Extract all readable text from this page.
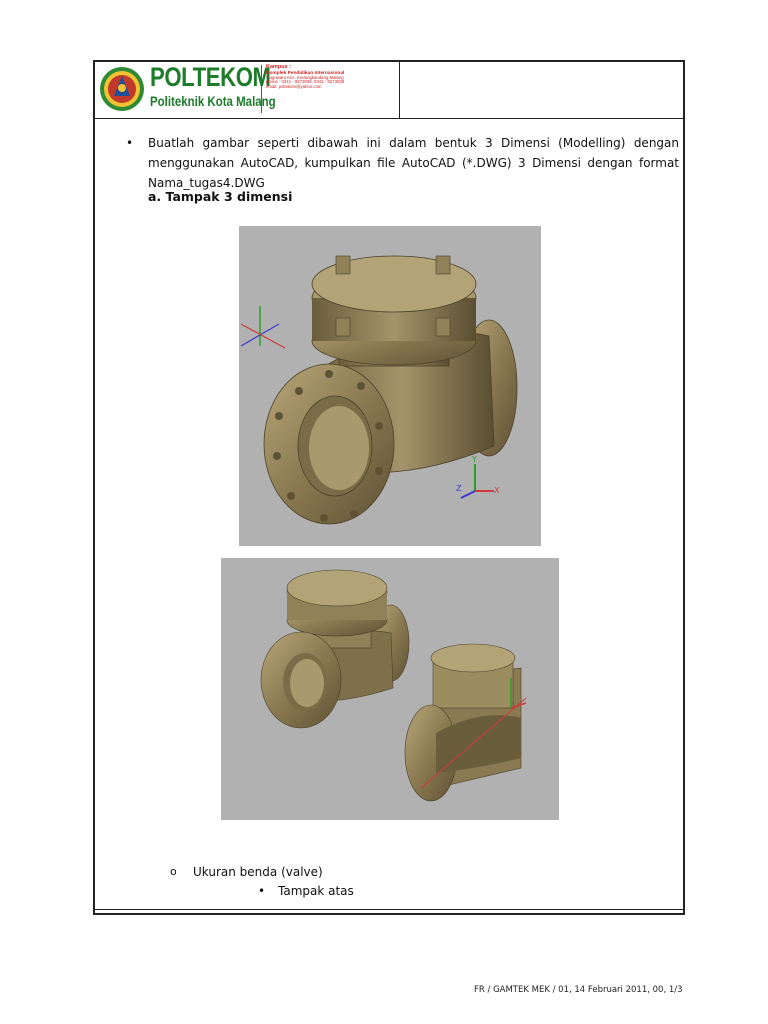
POLTEKOM
Politeknik Kota Malang
Kampus :
Komplek Pendidikan Internasional
Tlogowaru Kec. Kedungkandang Malang
phone : 0341 - 9273038, 0341 - 9273039
email: poltekom@yahoo.com
• Buatlah gambar seperti dibawah ini dalam bentuk 3 Dimensi (Modelling) dengan menggunakan AutoCAD, kumpulkan file AutoCAD (*.DWG) 3 Dimensi dengan format Nama_tugas4.DWG
a. Tampak 3 dimensi
Y
X
Z
o Ukuran benda (valve)
• Tampak atas
FR / GAMTEK MEK / 01, 14 Februari 2011, 00, 1/3
